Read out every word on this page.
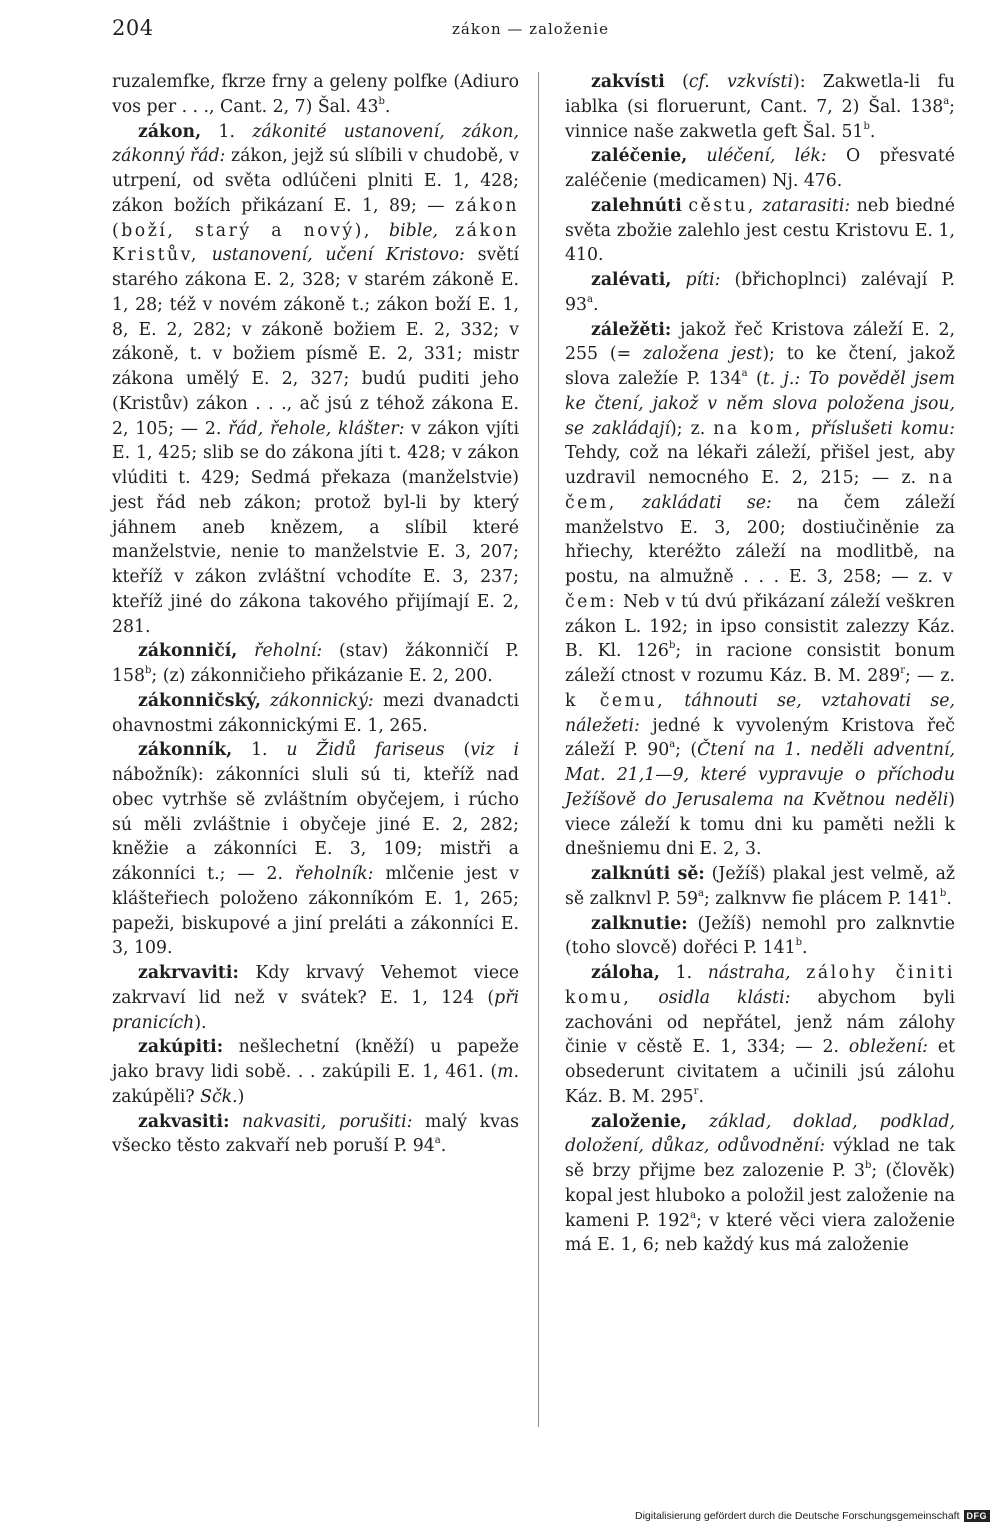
204	zákon — založenie

ruzalemfke, fkrze frny a geleny polfke (Adiuro vos per . . ., Cant. 2, 7) Šal. 43$^b$.

zákon, 1. zákonité ustanovení, zákon, zákonný řád: zákon, jejž sú slíbili v chudobě, v utrpení, od světa odlúčeni plniti E. 1, 428; zákon božích přikázaní E. 1, 89; — zákon (boží, starý a nový), bible, zákon Kristův, ustanovení, učení Kristovo: světí starého zákona E. 2, 328; v starém zákoně E. 1, 28; též v novém zákoně t.; zákon boží E. 1, 8, E. 2, 282; v zákoně božiem E. 2, 332; v zákoně, t. v božiem písmě E. 2, 331; mistr zákona umělý E. 2, 327; budú puditi jeho (Kristův) zákon . . ., ač jsú z téhož zákona E. 2, 105; — 2. řád, řehole, klášter: v zákon vjíti E. 1, 425; slib se do zákona jíti t. 428; v zákon vlúditi t. 429; Sedmá překaza (manželstvie) jest řád neb zákon; protož byl-li by který jáhnem aneb knězem, a slíbil které manželstvie, nenie to manželstvie E. 3, 207; kteříž v zákon zvláštní vchodíte E. 3, 237; kteříž jiné do zákona takového přijímají E. 2, 281.

zákonničí, řeholní: (stav) žákonničí P. 158$^b$; (z) zákonničieho přikázanie E. 2, 200.

zákonničský, zákonnický: mezi dvanadcti ohavnostmi zákonnickými E. 1, 265.

zákonník, 1. u Židů fariseus (viz i nábožník): zákonníci sluli sú ti, kteříž nad obec vytrhše sě zvláštním obyčejem, i rúcho sú měli zvláštnie i obyčeje jiné E. 2, 282; kněžie a zákonníci E. 3, 109; mistři a zákonníci t.; — 2. řeholník: mlčenie jest v klášteřiech položeno zákonníkóm E. 1, 265; papeži, biskupové a jiní preláti a zákonníci E. 3, 109.

zakrvaviti: Kdy krvavý Vehemot viece zakrvaví lid než v svátek? E. 1, 124 (při pranicích).

zakúpiti: nešlechetní (kněží) u papeže jako bravy lidi sobě. . . zakúpili E. 1, 461. (m. zakúpěli? Sčk.)

zakvasiti: nakvasiti, porušiti: malý kvas všecko těsto zakvaří neb poruší P. 94$^a$.

zakvísti (cf. vzkvísti): Zakwetla-li fu iablka (si floruerunt, Cant. 7, 2) Šal. 138$^a$; vinnice naše zakwetla geft Šal. 51$^b$.

zaléčenie, uléčení, lék: O přesvaté zaléčenie (medicamen) Nj. 476.

zalehnúti cěstu, zatarasiti: neb biedné světa zbožie zalehlo jest cestu Kristovu E. 1, 410.

zalévati, píti: (břichoplnci) zalévají P. 93$^a$.

záležěti: jakož řeč Kristova záleží E. 2, 255 (= založena jest); to ke čtení, jakož slova zaležíe P. 134$^a$ (t. j.: To pověděl jsem ke čtení, jakož v něm slova položena jsou, se zakládají); z. na kom, příslušeti komu: Tehdy, což na lékaři záleží, přišel jest, aby uzdravil nemocného E. 2, 215; — z. na čem, zakládati se: na čem záleží manželstvo E. 3, 200; dostiučiněnie za hřiechy, kteréžto záleží na modlitbě, na postu, na almužně . . . E. 3, 258; — z. v čem: Neb v tú dvú přikázaní záleží veškren zákon L. 192; in ipso consistit zalezzy Káz. B. Kl. 126$^b$; in racione consistit bonum záleží ctnost v rozumu Káz. B. M. 289$^r$; — z. k čemu, táhnouti se, vztahovati se, náležeti: jedné k vyvoleným Kristova řeč záleží P. 90$^a$; (Čtení na 1. neděli adventní, Mat. 21,1—9, které vypravuje o příchodu Ježíšově do Jerusalema na Květnou neděli) viece záleží k tomu dni ku paměti nežli k dnešniemu dni E. 2, 3.

zalknúti sě: (Ježíš) plakal jest velmě, až sě zalknvl P. 59$^a$; zalknvw fie plácem P. 141$^b$.

zalknutie: (Ježíš) nemohl pro zalknvtie (toho slovcě) dořéci P. 141$^b$.

záloha, 1. nástraha, zálohy činiti komu, osidla klásti: abychom byli zachováni od nepřátel, jenž nám zálohy činie v cěstě E. 1, 334; — 2. obležení: et obsederunt civitatem a učinili jsú zálohu Káz. B. M. 295$^r$.

založenie, základ, doklad, podklad, doložení, důkaz, odůvodnění: výklad ne tak sě brzy přijme bez zalozenie P. 3$^b$; (člověk) kopal jest hluboko a položil jest založenie na kameni P. 192$^a$; v které věci viera založenie má E. 1, 6; neb každý kus má založenie

Digitalisierung gefördert durch die Deutsche Forschungsgemeinschaft DFG
